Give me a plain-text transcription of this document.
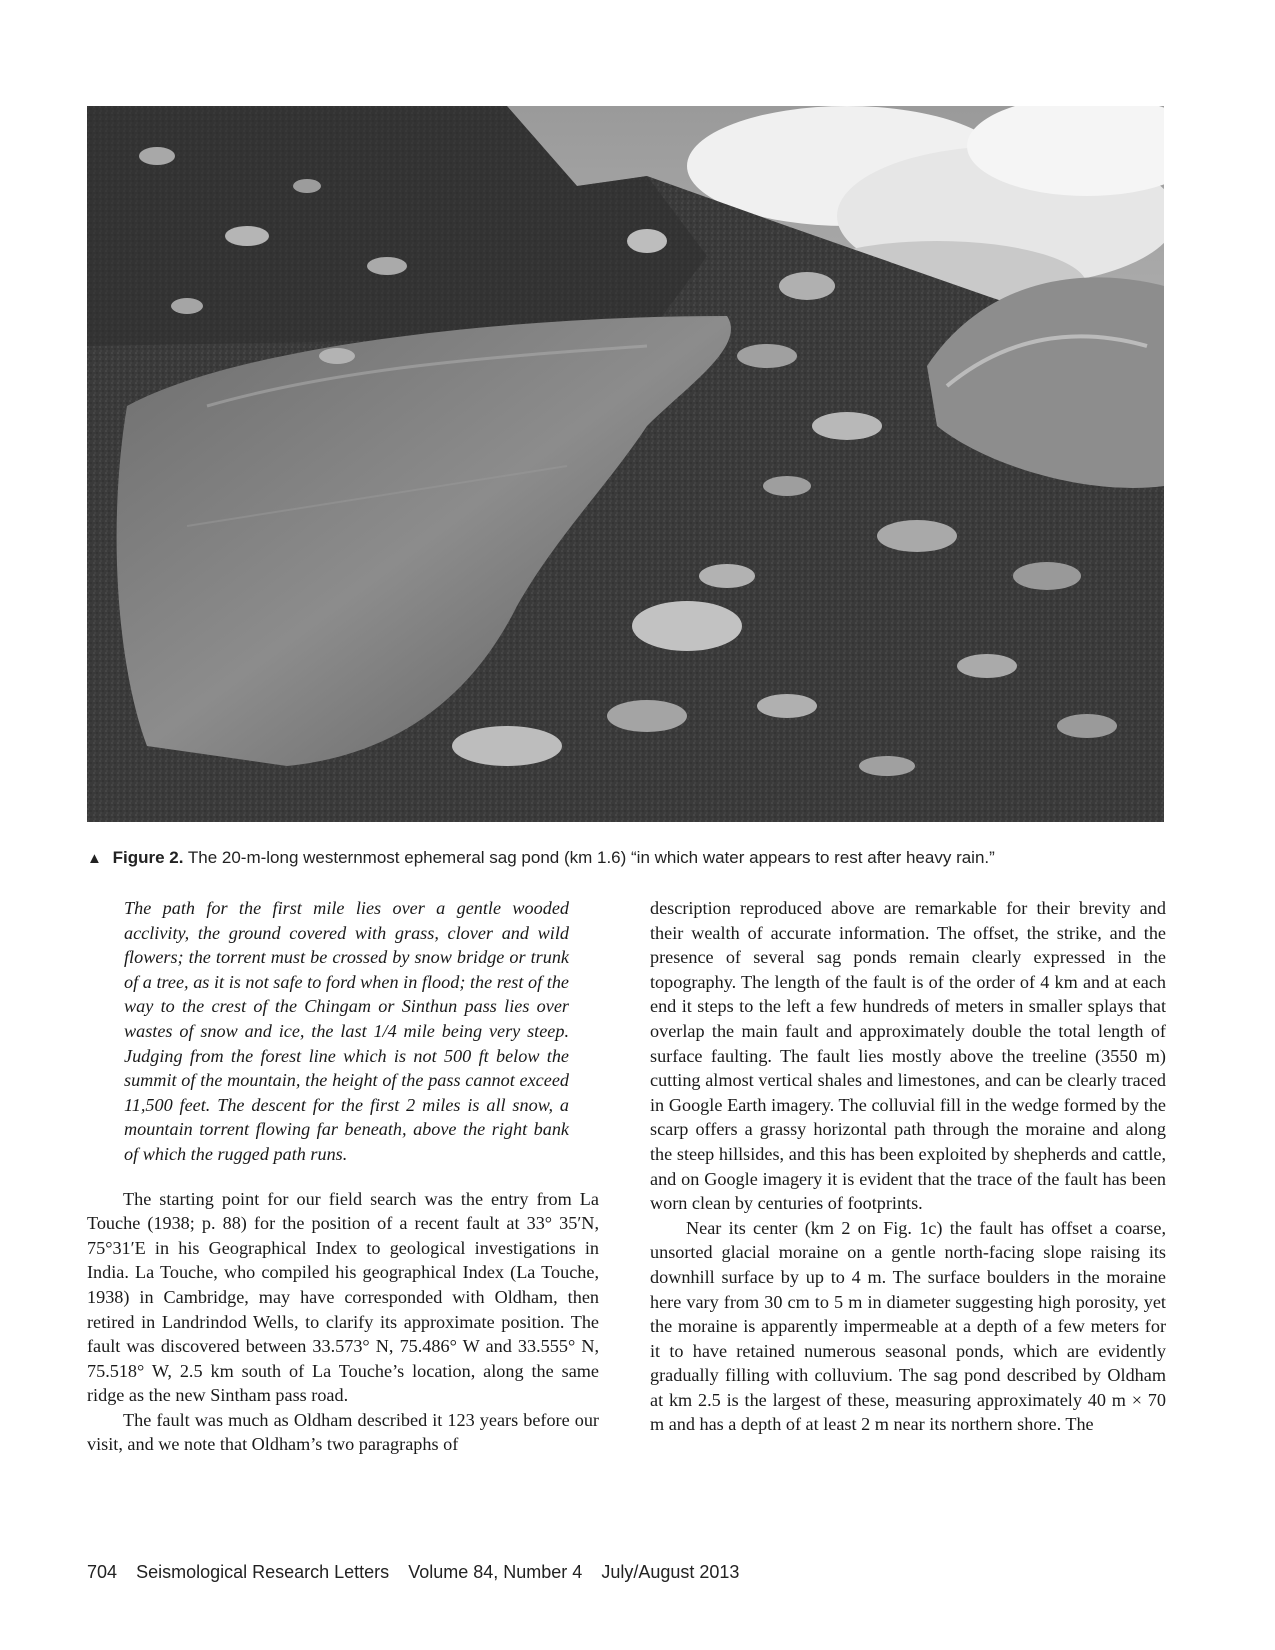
▲ Figure 2. The 20-m-long westernmost ephemeral sag pond (km 1.6) “in which water appears to rest after heavy rain.”

The path for the first mile lies over a gentle wooded acclivity, the ground covered with grass, clover and wild flowers; the torrent must be crossed by snow bridge or trunk of a tree, as it is not safe to ford when in flood; the rest of the way to the crest of the Chingam or Sinthun pass lies over wastes of snow and ice, the last 1/4 mile being very steep. Judging from the forest line which is not 500 ft below the summit of the mountain, the height of the pass cannot exceed 11,500 feet. The descent for the first 2 miles is all snow, a mountain torrent flowing far beneath, above the right bank of which the rugged path runs.

The starting point for our field search was the entry from La Touche (1938; p. 88) for the position of a recent fault at 33° 35′N, 75°31′E in his Geographical Index to geological investigations in India. La Touche, who compiled his geographical Index (La Touche, 1938) in Cambridge, may have corresponded with Oldham, then retired in Landrindod Wells, to clarify its approximate position. The fault was discovered between 33.573° N, 75.486° W and 33.555° N, 75.518° W, 2.5 km south of La Touche’s location, along the same ridge as the new Sintham pass road.

The fault was much as Oldham described it 123 years before our visit, and we note that Oldham’s two paragraphs of

description reproduced above are remarkable for their brevity and their wealth of accurate information. The offset, the strike, and the presence of several sag ponds remain clearly expressed in the topography. The length of the fault is of the order of 4 km and at each end it steps to the left a few hundreds of meters in smaller splays that overlap the main fault and approximately double the total length of surface faulting. The fault lies mostly above the treeline (3550 m) cutting almost vertical shales and limestones, and can be clearly traced in Google Earth imagery. The colluvial fill in the wedge formed by the scarp offers a grassy horizontal path through the moraine and along the steep hillsides, and this has been exploited by shepherds and cattle, and on Google imagery it is evident that the trace of the fault has been worn clean by centuries of footprints.

Near its center (km 2 on Fig. 1c) the fault has offset a coarse, unsorted glacial moraine on a gentle north-facing slope raising its downhill surface by up to 4 m. The surface boulders in the moraine here vary from 30 cm to 5 m in diameter suggesting high porosity, yet the moraine is apparently impermeable at a depth of a few meters for it to have retained numerous seasonal ponds, which are evidently gradually filling with colluvium. The sag pond described by Oldham at km 2.5 is the largest of these, measuring approximately 40 m × 70 m and has a depth of at least 2 m near its northern shore. The

704 Seismological Research Letters Volume 84, Number 4 July/August 2013
